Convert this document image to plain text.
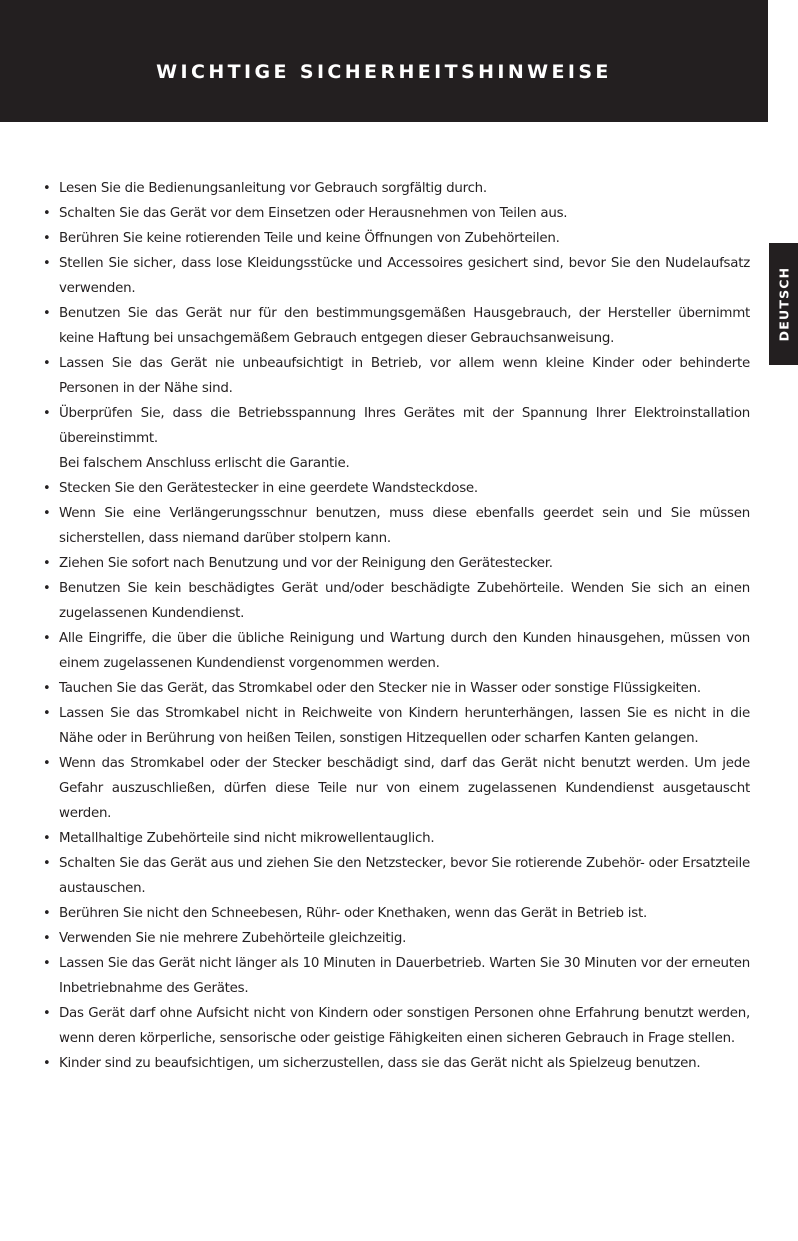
WICHTIGE SICHERHEITSHINWEISE
DEUTSCH
• Lesen Sie die Bedienungsanleitung vor Gebrauch sorgfältig durch.
• Schalten Sie das Gerät vor dem Einsetzen oder Herausnehmen von Teilen aus.
• Berühren Sie keine rotierenden Teile und keine Öffnungen von Zubehörteilen.
• Stellen Sie sicher, dass lose Kleidungsstücke und Accessoires gesichert sind, bevor Sie den Nudelaufsatz verwenden.
• Benutzen Sie das Gerät nur für den bestimmungsgemäßen Hausgebrauch, der Hersteller übernimmt keine Haftung bei unsachgemäßem Gebrauch entgegen dieser Gebrauchsanweisung.
• Lassen Sie das Gerät nie unbeaufsichtigt in Betrieb, vor allem wenn kleine Kinder oder behinderte Personen in der Nähe sind.
• Überprüfen Sie, dass die Betriebsspannung Ihres Gerätes mit der Spannung Ihrer Elektroinstallation übereinstimmt.
Bei falschem Anschluss erlischt die Garantie.
• Stecken Sie den Gerätestecker in eine geerdete Wandsteckdose.
• Wenn Sie eine Verlängerungsschnur benutzen, muss diese ebenfalls geerdet sein und Sie müssen sicherstellen, dass niemand darüber stolpern kann.
• Ziehen Sie sofort nach Benutzung und vor der Reinigung den Gerätestecker.
• Benutzen Sie kein beschädigtes Gerät und/oder beschädigte Zubehörteile. Wenden Sie sich an einen zugelassenen Kundendienst.
• Alle Eingriffe, die über die übliche Reinigung und Wartung durch den Kunden hinausgehen, müssen von einem zugelassenen Kundendienst vorgenommen werden.
• Tauchen Sie das Gerät, das Stromkabel oder den Stecker nie in Wasser oder sonstige Flüssigkeiten.
• Lassen Sie das Stromkabel nicht in Reichweite von Kindern herunterhängen, lassen Sie es nicht in die Nähe oder in Berührung von heißen Teilen, sonstigen Hitzequellen oder scharfen Kanten gelangen.
• Wenn das Stromkabel oder der Stecker beschädigt sind, darf das Gerät nicht benutzt werden. Um jede Gefahr auszuschließen, dürfen diese Teile nur von einem zugelassenen Kundendienst ausgetauscht werden.
• Metallhaltige Zubehörteile sind nicht mikrowellentauglich.
• Schalten Sie das Gerät aus und ziehen Sie den Netzstecker, bevor Sie rotierende Zubehör- oder Ersatzteile austauschen.
• Berühren Sie nicht den Schneebesen, Rühr- oder Knethaken, wenn das Gerät in Betrieb ist.
• Verwenden Sie nie mehrere Zubehörteile gleichzeitig.
• Lassen Sie das Gerät nicht länger als 10 Minuten in Dauerbetrieb. Warten Sie 30 Minuten vor der erneuten Inbetriebnahme des Gerätes.
• Das Gerät darf ohne Aufsicht nicht von Kindern oder sonstigen Personen ohne Erfahrung benutzt werden, wenn deren körperliche, sensorische oder geistige Fähigkeiten einen sicheren Gebrauch in Frage stellen.
• Kinder sind zu beaufsichtigen, um sicherzustellen, dass sie das Gerät nicht als Spielzeug benutzen.
